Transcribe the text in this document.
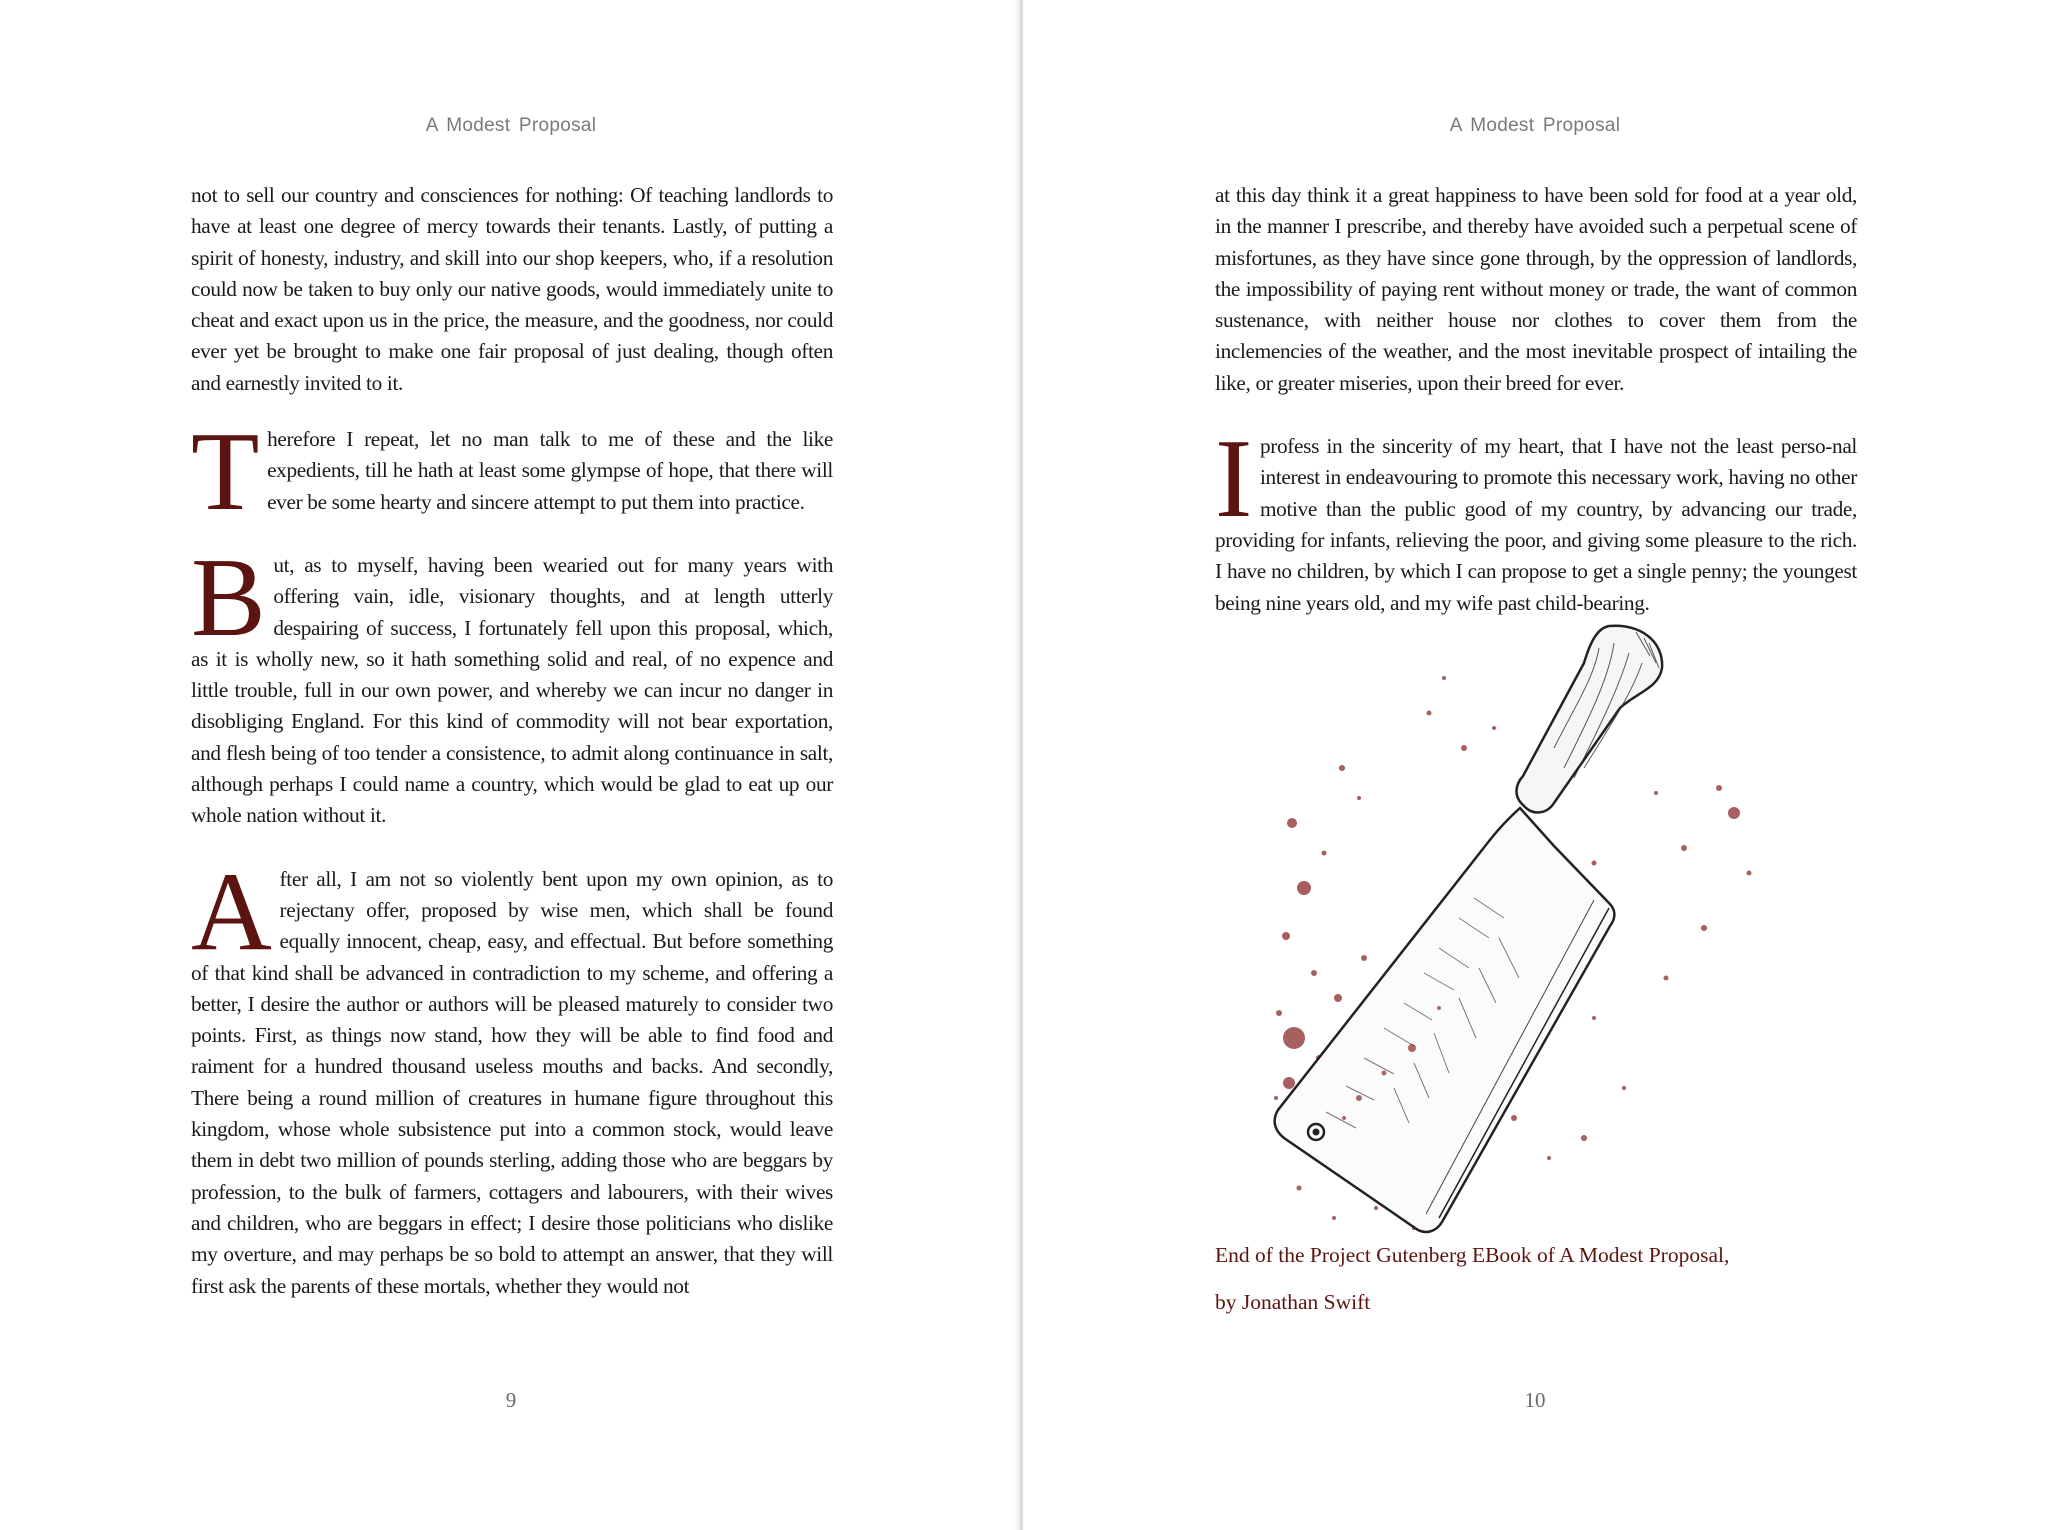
A Modest Proposal

not to sell our country and consciences for nothing: Of teaching landlords to have at least one degree of mercy towards their tenants. Lastly, of putting a spirit of honesty, industry, and skill into our shop keepers, who, if a resolution could now be taken to buy only our native goods, would immediately unite to cheat and exact upon us in the price, the measure, and the goodness, nor could ever yet be brought to make one fair proposal of just dealing, though often and earnestly invited to it.

Therefore I repeat, let no man talk to me of these and the like expedients, till he hath at least some glympse of hope, that there will ever be some hearty and sincere attempt to put them into practice.

But, as to myself, having been wearied out for many years with offering vain, idle, visionary thoughts, and at length utterly despairing of success, I fortunately fell upon this proposal, which, as it is wholly new, so it hath something solid and real, of no expence and little trouble, full in our own power, and whereby we can incur no danger in disobliging England. For this kind of commodity will not bear exportation, and flesh being of too tender a consistence, to admit along continuance in salt, although perhaps I could name a country, which would be glad to eat up our whole nation without it.

After all, I am not so violently bent upon my own opinion, as to rejectany offer, proposed by wise men, which shall be found equally innocent, cheap, easy, and effectual. But before something of that kind shall be advanced in contradiction to my scheme, and offering a better, I desire the author or authors will be pleased maturely to consider two points. First, as things now stand, how they will be able to find food and raiment for a hundred thousand useless mouths and backs. And secondly, There being a round million of creatures in humane figure throughout this kingdom, whose whole subsistence put into a common stock, would leave them in debt two million of pounds sterling, adding those who are beggars by profession, to the bulk of farmers, cottagers and labourers, with their wives and children, who are beggars in effect; I desire those politicians who dislike my overture, and may perhaps be so bold to attempt an answer, that they will first ask the parents of these mortals, whether they would not

9
A Modest Proposal

at this day think it a great happiness to have been sold for food at a year old, in the manner I prescribe, and thereby have avoided such a perpetual scene of misfortunes, as they have since gone through, by the oppression of landlords, the impossibility of paying rent without money or trade, the want of common sustenance, with neither house nor clothes to cover them from the inclemencies of the weather, and the most inevitable prospect of intailing the like, or greater miseries, upon their breed for ever.

Iprofess in the sincerity of my heart, that I have not the least perso-nal interest in endeavouring to promote this necessary work, having no other motive than the public good of my country, by advancing our trade, providing for infants, relieving the poor, and giving some pleasure to the rich. I have no children, by which I can propose to get a single penny; the youngest being nine years old, and my wife past child-bearing.

10
End of the Project Gutenberg EBook of A Modest Proposal,
by Jonathan Swift
